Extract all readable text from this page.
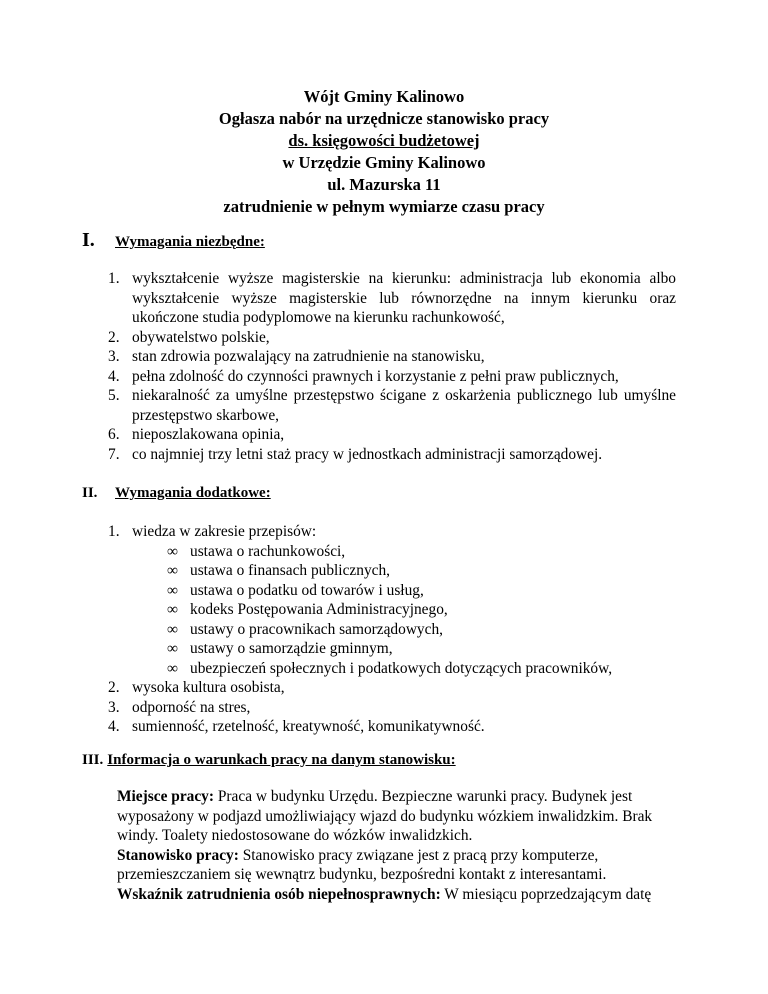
Wójt Gminy Kalinowo
Ogłasza nabór na urzędnicze stanowisko pracy
ds. księgowości budżetowej
w Urzędzie Gminy Kalinowo
ul. Mazurska 11
zatrudnienie w pełnym wymiarze czasu pracy
I. Wymagania niezbędne:
1. wykształcenie wyższe magisterskie na kierunku: administracja lub ekonomia albo wykształcenie wyższe magisterskie lub równorzędne na innym kierunku oraz ukończone studia podyplomowe na kierunku rachunkowość,
2. obywatelstwo polskie,
3. stan zdrowia pozwalający na zatrudnienie na stanowisku,
4. pełna zdolność do czynności prawnych i korzystanie z pełni praw publicznych,
5. niekaralność za umyślne przestępstwo ścigane z oskarżenia publicznego lub umyślne przestępstwo skarbowe,
6. nieposzlakowana opinia,
7. co najmniej trzy letni staż pracy w jednostkach administracji samorządowej.
II. Wymagania dodatkowe:
1. wiedza w zakresie przepisów:
∞ ustawa o rachunkowości,
∞ ustawa o finansach publicznych,
∞ ustawa o podatku od towarów i usług,
∞ kodeks Postępowania Administracyjnego,
∞ ustawy o pracownikach samorządowych,
∞ ustawy o samorządzie gminnym,
∞ ubezpieczeń społecznych i podatkowych dotyczących pracowników,
2. wysoka kultura osobista,
3. odporność na stres,
4. sumienność, rzetelność, kreatywność, komunikatywność.
III. Informacja o warunkach pracy na danym stanowisku:

Miejsce pracy: Praca w budynku Urzędu. Bezpieczne warunki pracy. Budynek jest

wyposażony w podjazd umożliwiający wjazd do budynku wózkiem inwalidzkim. Brak

windy. Toalety niedostosowane do wózków inwalidzkich.

Stanowisko pracy: Stanowisko pracy związane jest z pracą przy komputerze,

przemieszczaniem się wewnątrz budynku, bezpośredni kontakt z interesantami.

Wskaźnik zatrudnienia osób niepełnosprawnych: W miesiącu poprzedzającym datę
